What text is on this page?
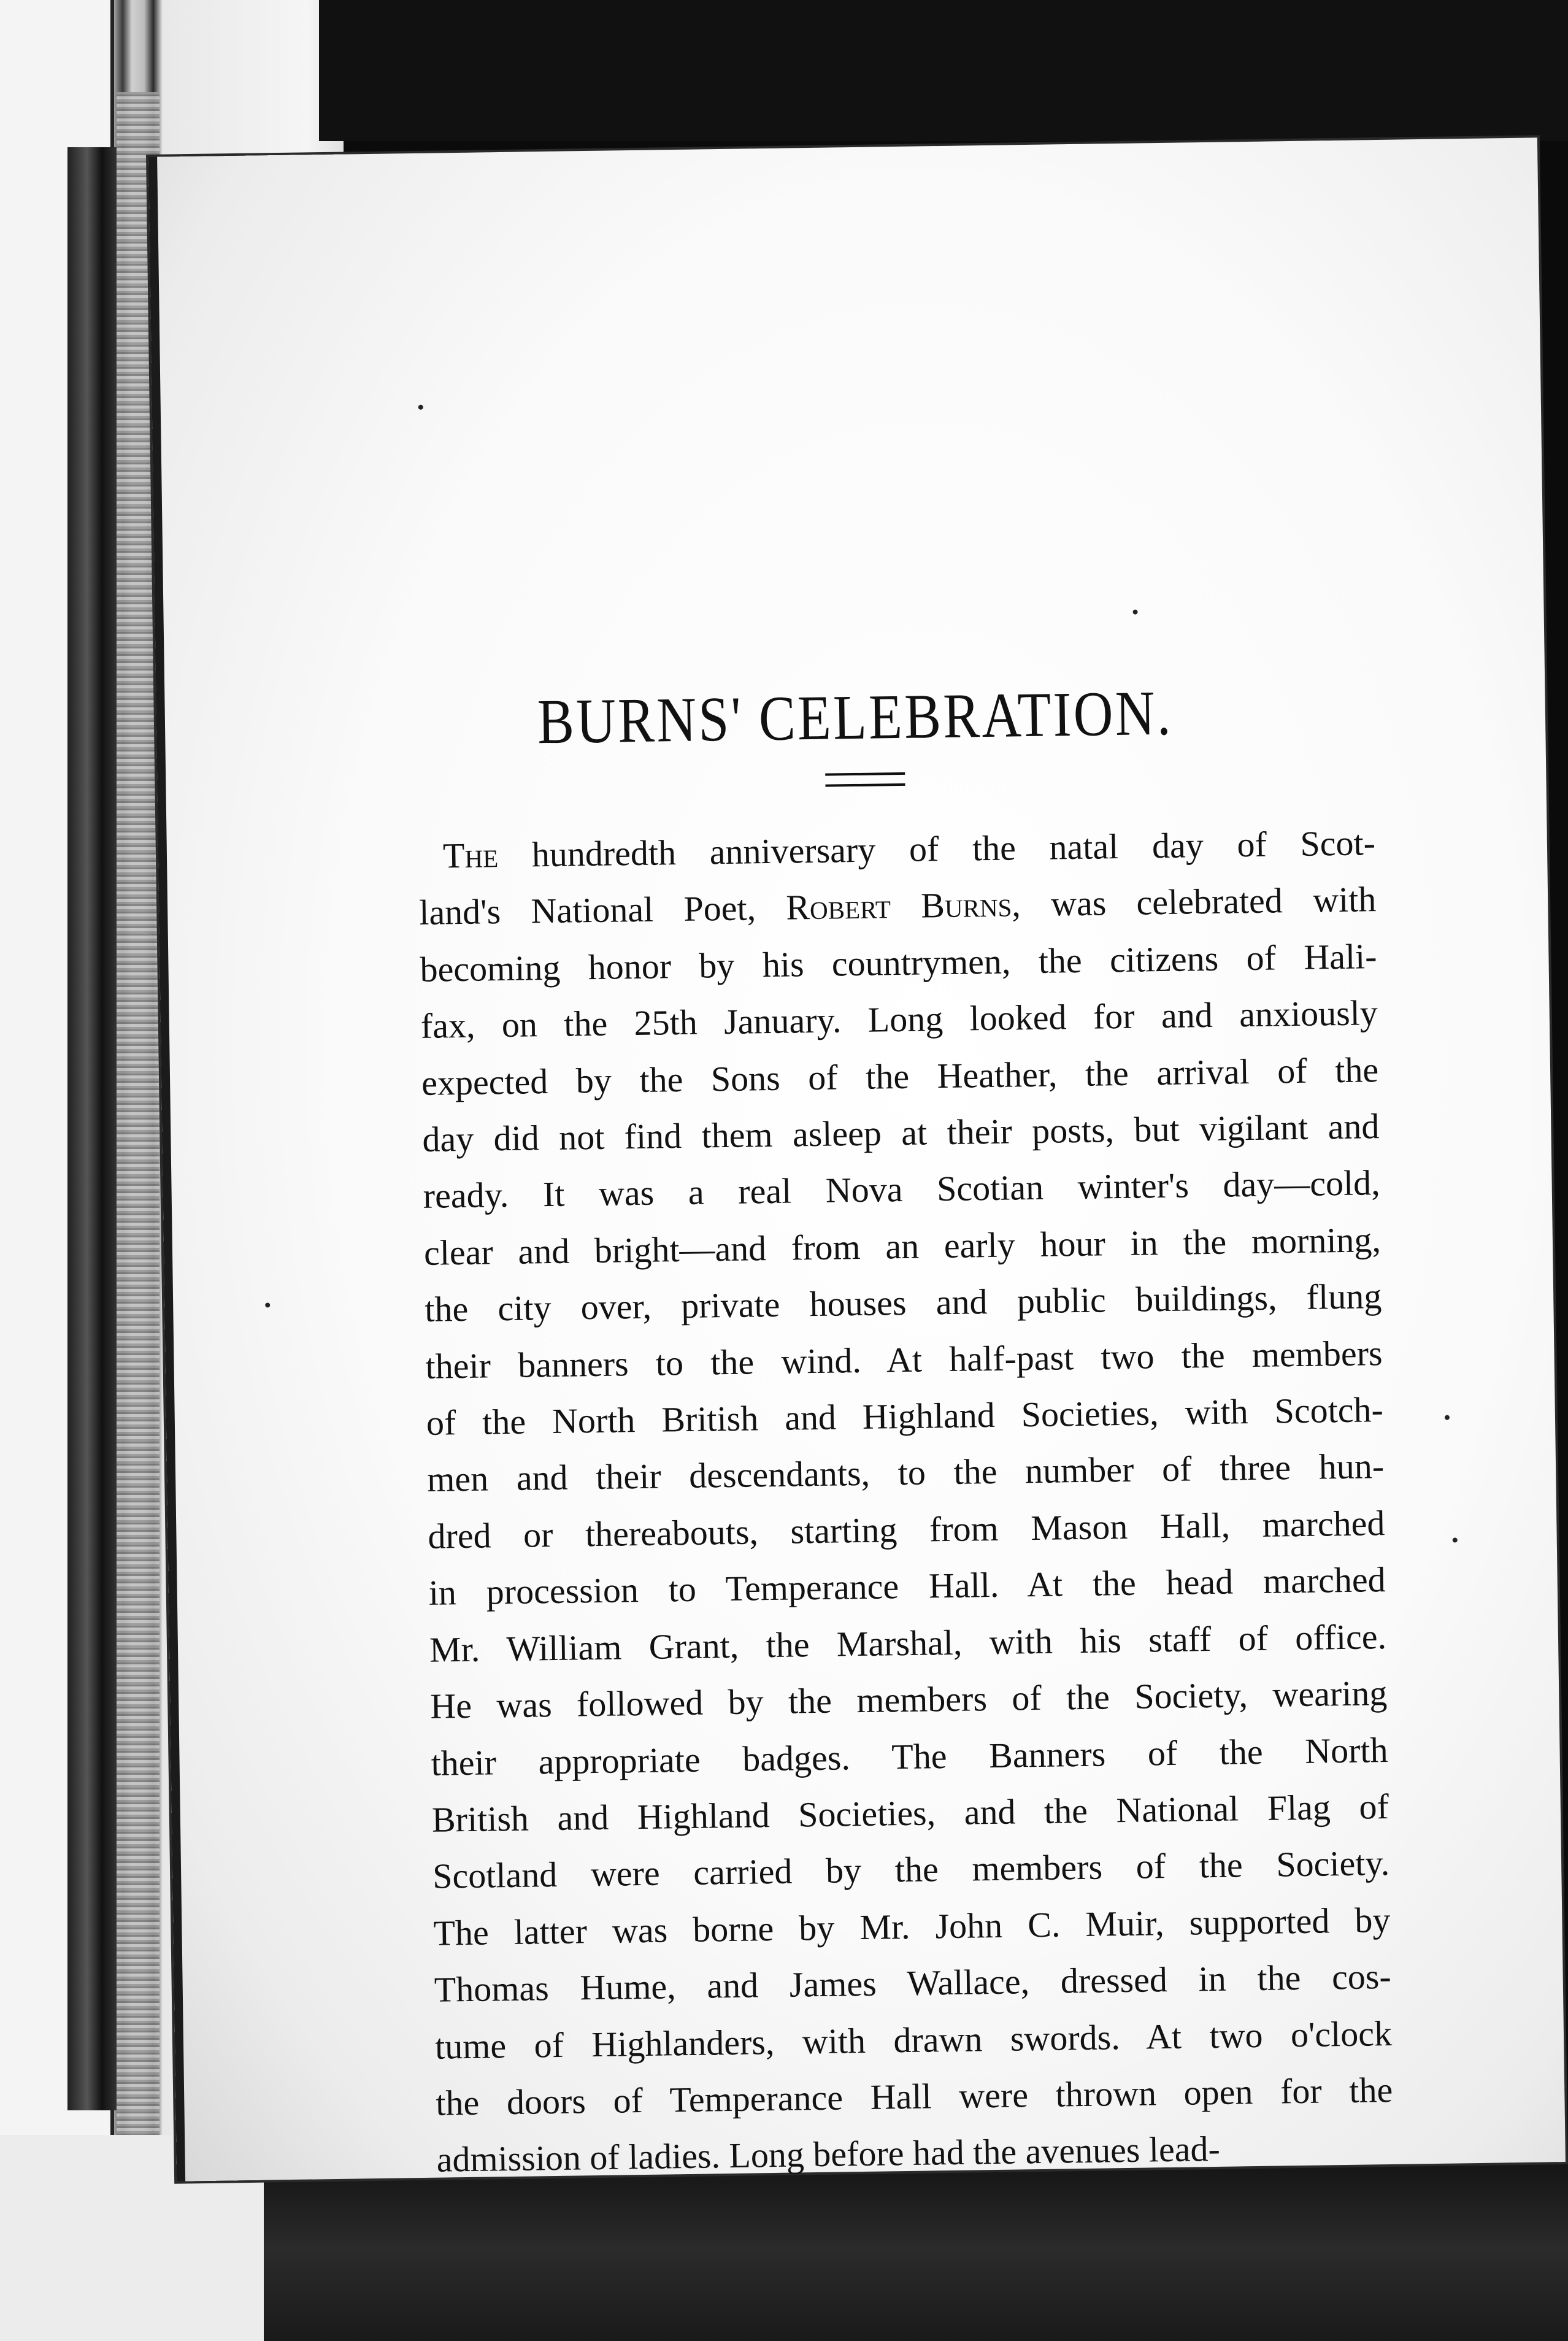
BURNS' CELEBRATION.
The hundredth anniversary of the natal day of Scot-
land's National Poet, Robert Burns, was celebrated with
becoming honor by his countrymen, the citizens of Hali-
fax, on the 25th January. Long looked for and anxiously
expected by the Sons of the Heather, the arrival of the
day did not find them asleep at their posts, but vigilant and
ready. It was a real Nova Scotian winter's day—cold,
clear and bright—and from an early hour in the morning,
the city over, private houses and public buildings, flung
their banners to the wind. At half-past two the members
of the North British and Highland Societies, with Scotch-
men and their descendants, to the number of three hun-
dred or thereabouts, starting from Mason Hall, marched
in procession to Temperance Hall. At the head marched
Mr. William Grant, the Marshal, with his staff of office.
He was followed by the members of the Society, wearing
their appropriate badges. The Banners of the North
British and Highland Societies, and the National Flag of
Scotland were carried by the members of the Society.
The latter was borne by Mr. John C. Muir, supported by
Thomas Hume, and James Wallace, dressed in the cos-
tume of Highlanders, with drawn swords. At two o'clock
the doors of Temperance Hall were thrown open for the
admission of ladies. Long before had the avenues lead-
